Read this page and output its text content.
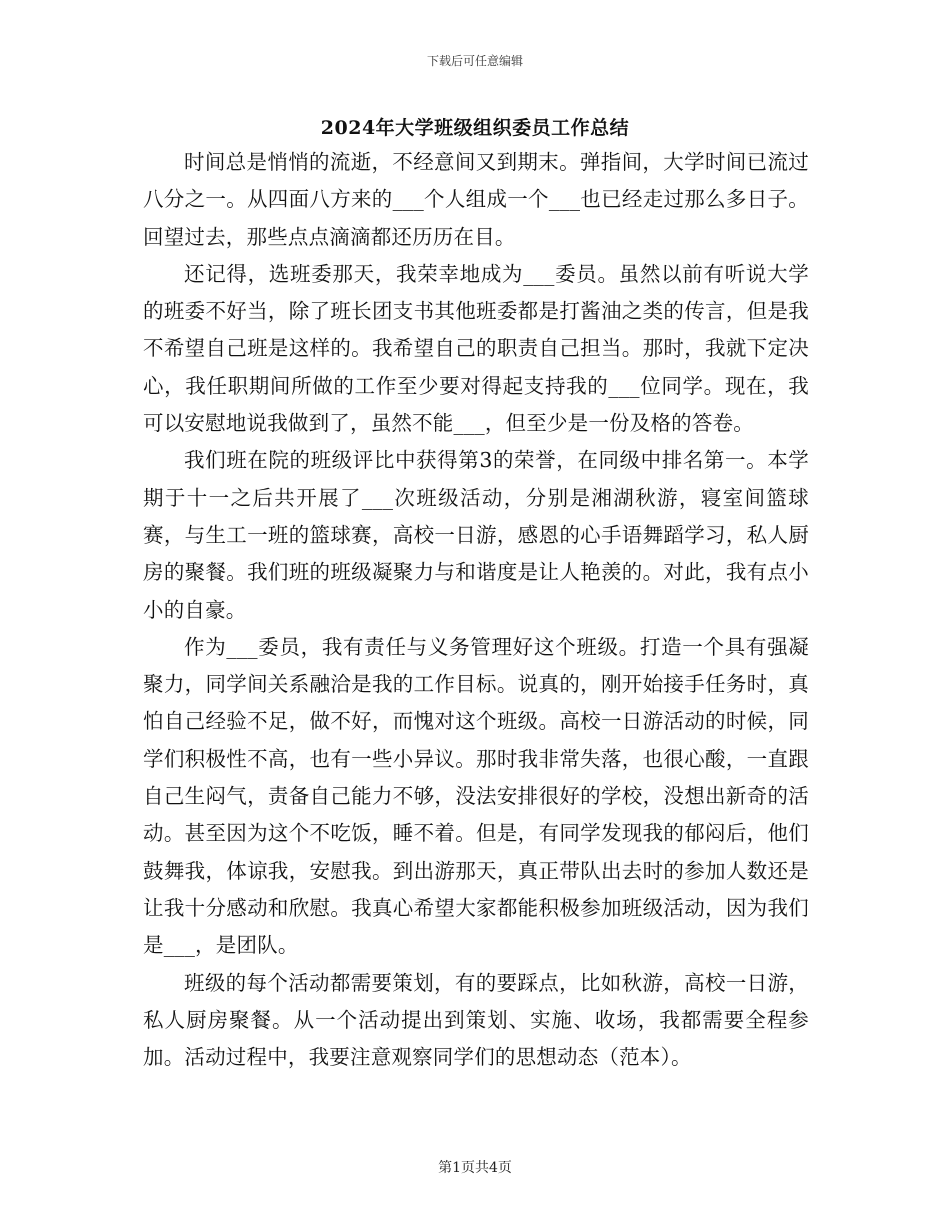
下载后可任意编辑
2024年大学班级组织委员工作总结

时间总是悄悄的流逝，不经意间又到期末。弹指间，大学时间已流过八分之一。从四面八方来的___个人组成一个___也已经走过那么多日子。回望过去，那些点点滴滴都还历历在目。

还记得，选班委那天，我荣幸地成为___委员。虽然以前有听说大学的班委不好当，除了班长团支书其他班委都是打酱油之类的传言，但是我不希望自己班是这样的。我希望自己的职责自己担当。那时，我就下定决心，我任职期间所做的工作至少要对得起支持我的___位同学。现在，我可以安慰地说我做到了，虽然不能___，但至少是一份及格的答卷。

我们班在院的班级评比中获得第3的荣誉，在同级中排名第一。本学期于十一之后共开展了___次班级活动，分别是湘湖秋游，寝室间篮球赛，与生工一班的篮球赛，高校一日游，感恩的心手语舞蹈学习，私人厨房的聚餐。我们班的班级凝聚力与和谐度是让人艳羡的。对此，我有点小小的自豪。

作为___委员，我有责任与义务管理好这个班级。打造一个具有强凝聚力，同学间关系融洽是我的工作目标。说真的，刚开始接手任务时，真怕自己经验不足，做不好，而愧对这个班级。高校一日游活动的时候，同学们积极性不高，也有一些小异议。那时我非常失落，也很心酸，一直跟自己生闷气，责备自己能力不够，没法安排很好的学校，没想出新奇的活动。甚至因为这个不吃饭，睡不着。但是，有同学发现我的郁闷后，他们鼓舞我，体谅我，安慰我。到出游那天，真正带队出去时的参加人数还是让我十分感动和欣慰。我真心希望大家都能积极参加班级活动，因为我们是___，是团队。

班级的每个活动都需要策划，有的要踩点，比如秋游，高校一日游，私人厨房聚餐。从一个活动提出到策划、实施、收场，我都需要全程参加。活动过程中，我要注意观察同学们的思想动态（范本）。

第1页共4页
